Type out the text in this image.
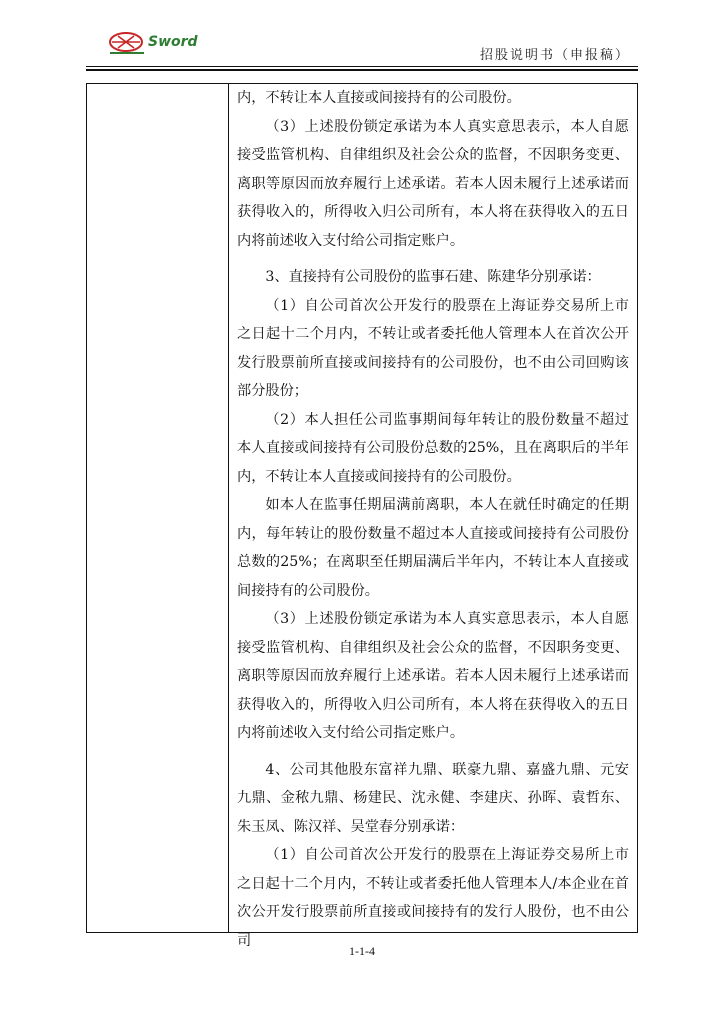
Sword
招股说明书（申报稿）

内，不转让本人直接或间接持有的公司股份。

（3）上述股份锁定承诺为本人真实意思表示，本人自愿接受监管机构、自律组织及社会公众的监督，不因职务变更、离职等原因而放弃履行上述承诺。若本人因未履行上述承诺而获得收入的，所得收入归公司所有，本人将在获得收入的五日内将前述收入支付给公司指定账户。

3、直接持有公司股份的监事石建、陈建华分别承诺：

（1）自公司首次公开发行的股票在上海证券交易所上市之日起十二个月内，不转让或者委托他人管理本人在首次公开发行股票前所直接或间接持有的公司股份，也不由公司回购该部分股份；

（2）本人担任公司监事期间每年转让的股份数量不超过本人直接或间接持有公司股份总数的25%，且在离职后的半年内，不转让本人直接或间接持有的公司股份。

如本人在监事任期届满前离职，本人在就任时确定的任期内，每年转让的股份数量不超过本人直接或间接持有公司股份总数的25%；在离职至任期届满后半年内，不转让本人直接或间接持有的公司股份。

（3）上述股份锁定承诺为本人真实意思表示，本人自愿接受监管机构、自律组织及社会公众的监督，不因职务变更、离职等原因而放弃履行上述承诺。若本人因未履行上述承诺而获得收入的，所得收入归公司所有，本人将在获得收入的五日内将前述收入支付给公司指定账户。

4、公司其他股东富祥九鼎、联豪九鼎、嘉盛九鼎、元安九鼎、金秾九鼎、杨建民、沈永健、李建庆、孙晖、袁哲东、朱玉凤、陈汉祥、吴堂春分别承诺：

（1）自公司首次公开发行的股票在上海证券交易所上市之日起十二个月内，不转让或者委托他人管理本人/本企业在首次公开发行股票前所直接或间接持有的发行人股份，也不由公司

1-1-4
